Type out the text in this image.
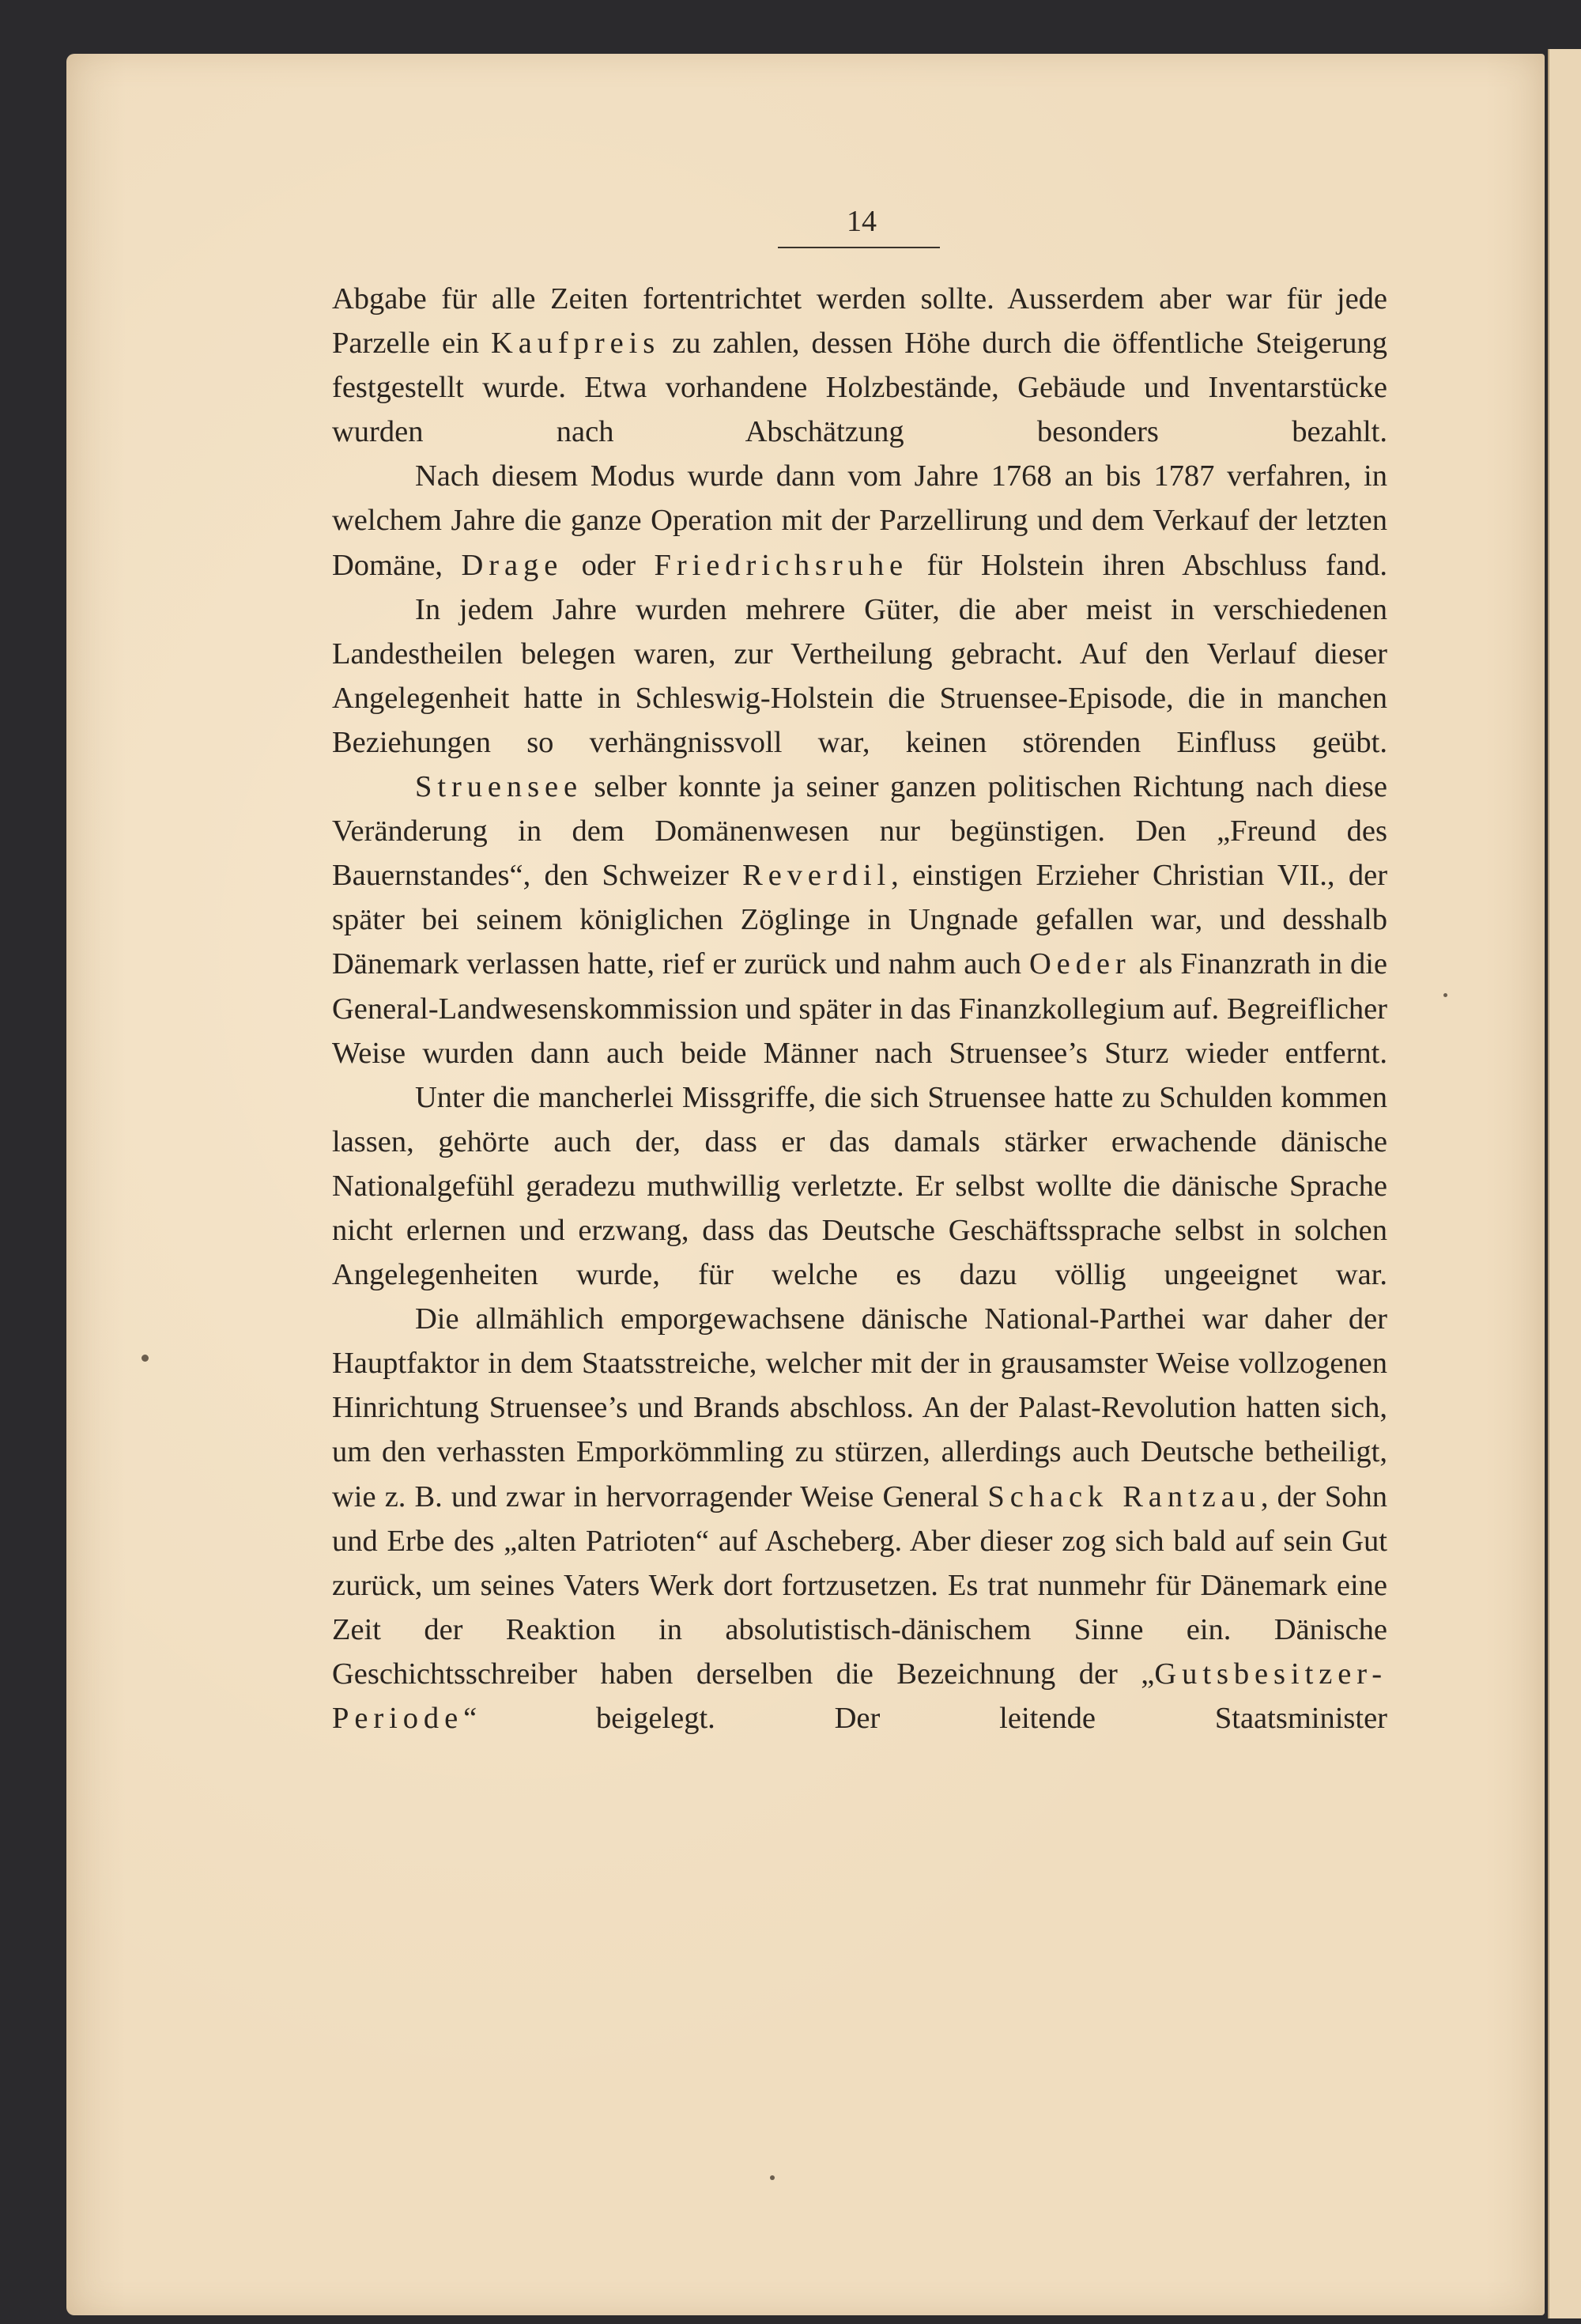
14

Abgabe für alle Zeiten fortentrichtet werden sollte. Ausserdem aber war für jede Parzelle ein Kaufpreis zu zahlen, dessen Höhe durch die öffentliche Steigerung festgestellt wurde. Etwa vorhandene Holzbestände, Gebäude und Inventarstücke wurden nach Abschätzung besonders bezahlt.

Nach diesem Modus wurde dann vom Jahre 1768 an bis 1787 verfahren, in welchem Jahre die ganze Operation mit der Parzellirung und dem Verkauf der letzten Domäne, Drage oder Friedrichsruhe für Holstein ihren Abschluss fand.

In jedem Jahre wurden mehrere Güter, die aber meist in verschiedenen Landestheilen belegen waren, zur Vertheilung gebracht. Auf den Verlauf dieser Angelegenheit hatte in Schleswig-Holstein die Struensee-Episode, die in manchen Beziehungen so verhängnissvoll war, keinen störenden Einfluss geübt.

Struensee selber konnte ja seiner ganzen politischen Richtung nach diese Veränderung in dem Domänenwesen nur begünstigen. Den „Freund des Bauernstandes“, den Schweizer Reverdil, einstigen Erzieher Christian VII., der später bei seinem königlichen Zöglinge in Ungnade gefallen war, und desshalb Dänemark verlassen hatte, rief er zurück und nahm auch Oeder als Finanzrath in die General-Landwesenskommission und später in das Finanzkollegium auf. Begreiflicher Weise wurden dann auch beide Männer nach Struensee’s Sturz wieder entfernt.

Unter die mancherlei Missgriffe, die sich Struensee hatte zu Schulden kommen lassen, gehörte auch der, dass er das damals stärker erwachende dänische Nationalgefühl geradezu muthwillig verletzte. Er selbst wollte die dänische Sprache nicht erlernen und erzwang, dass das Deutsche Geschäftssprache selbst in solchen Angelegenheiten wurde, für welche es dazu völlig ungeeignet war.

Die allmählich emporgewachsene dänische National-Parthei war daher der Hauptfaktor in dem Staatsstreiche, welcher mit der in grausamster Weise vollzogenen Hinrichtung Struensee’s und Brands abschloss. An der Palast-Revolution hatten sich, um den verhassten Emporkömmling zu stürzen, allerdings auch Deutsche betheiligt, wie z. B. und zwar in hervorragender Weise General Schack Rantzau, der Sohn und Erbe des „alten Patrioten“ auf Ascheberg. Aber dieser zog sich bald auf sein Gut zurück, um seines Vaters Werk dort fortzusetzen. Es trat nunmehr für Dänemark eine Zeit der Reaktion in absolutistisch-dänischem Sinne ein. Dänische Geschichtsschreiber haben derselben die Bezeichnung der „Gutsbesitzer-Periode“ beigelegt. Der leitende Staatsminister
